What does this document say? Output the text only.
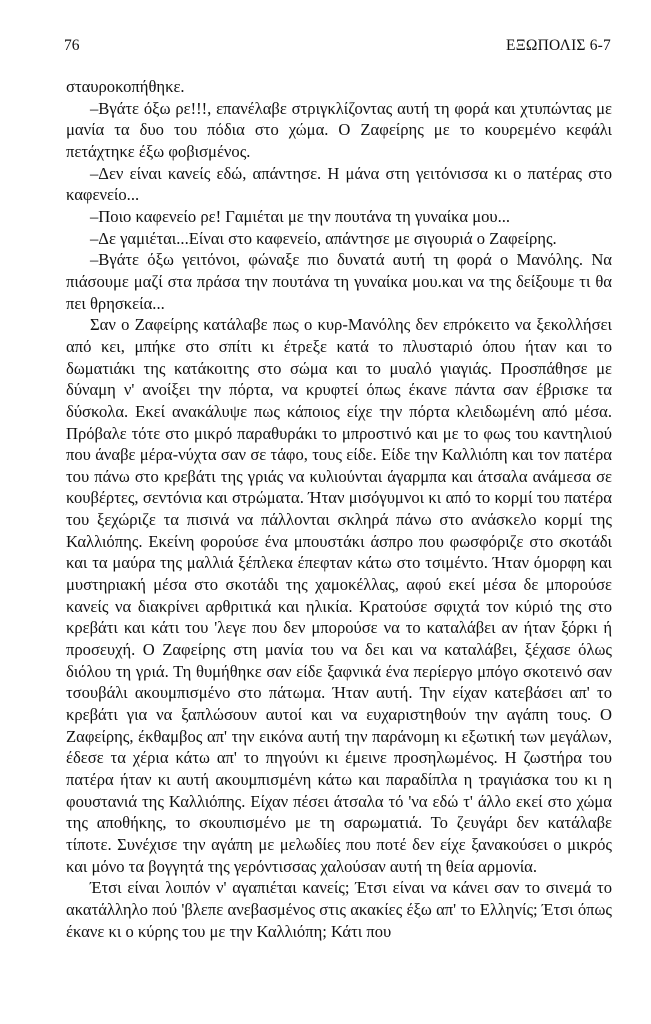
76	ΕΞΩΠΟΛΙΣ 6-7

σταυροκοπήθηκε.

–Βγάτε όξω ρε!!!, επανέλαβε στριγκλίζοντας αυτή τη φορά και χτυπώντας με μανία τα δυο του πόδια στο χώμα. Ο Ζαφείρης με το κουρεμένο κεφάλι πετάχτηκε έξω φοβισμένος.

–Δεν είναι κανείς εδώ, απάντησε. Η μάνα στη γειτόνισσα κι ο πατέρας στο καφενείο...

–Ποιο καφενείο ρε! Γαμιέται με την πουτάνα τη γυναίκα μου...

–Δε γαμιέται...Είναι στο καφενείο, απάντησε με σιγουριά ο Ζαφείρης.

–Βγάτε όξω γειτόνοι, φώναξε πιο δυνατά αυτή τη φορά ο Μανόλης. Να πιάσουμε μαζί στα πράσα την πουτάνα τη γυναίκα μου.και να της δείξουμε τι θα πει θρησκεία...

Σαν ο Ζαφείρης κατάλαβε πως ο κυρ-Μανόλης δεν επρόκειτο να ξεκολλήσει από κει, μπήκε στο σπίτι κι έτρεξε κατά το πλυσταριό όπου ήταν και το δωματιάκι της κατάκοιτης στο σώμα και το μυαλό γιαγιάς. Προσπάθησε με δύναμη ν' ανοίξει την πόρτα, να κρυφτεί όπως έκανε πάντα σαν έβρισκε τα δύσκολα. Εκεί ανακάλυψε πως κάποιος είχε την πόρτα κλειδωμένη από μέσα. Πρόβαλε τότε στο μικρό παραθυράκι το μπροστινό και με το φως του καντηλιού που άναβε μέρα-νύχτα σαν σε τάφο, τους είδε. Είδε την Καλλιόπη και τον πατέρα του πάνω στο κρεβάτι της γριάς να κυλιούνται άγαρμπα και άτσαλα ανάμεσα σε κουβέρτες, σεντόνια και στρώματα. Ήταν μισόγυμνοι κι από το κορμί του πατέρα του ξεχώριζε τα πισινά να πάλλονται σκληρά πάνω στο ανάσκελο κορμί της Καλλιόπης. Εκείνη φορούσε ένα μπουστάκι άσπρο που φωσφόριζε στο σκοτάδι και τα μαύρα της μαλλιά ξέπλεκα έπεφταν κάτω στο τσιμέντο. Ήταν όμορφη και μυστηριακή μέσα στο σκοτάδι της χαμοκέλλας, αφού εκεί μέσα δε μπορούσε κανείς να διακρίνει αρθριτικά και ηλικία. Κρατούσε σφιχτά τον κύριό της στο κρεβάτι και κάτι του 'λεγε που δεν μπορούσε να το καταλάβει αν ήταν ξόρκι ή προσευχή. Ο Ζαφείρης στη μανία του να δει και να καταλάβει, ξέχασε όλως διόλου τη γριά. Τη θυμήθηκε σαν είδε ξαφνικά ένα περίεργο μπόγο σκοτεινό σαν τσουβάλι ακουμπισμένο στο πάτωμα. Ήταν αυτή. Την είχαν κατεβάσει απ' το κρεβάτι για να ξαπλώσουν αυτοί και να ευχαριστηθούν την αγάπη τους. Ο Ζαφείρης, έκθαμβος απ' την εικόνα αυτή την παράνομη κι εξωτική των μεγάλων, έδεσε τα χέρια κάτω απ' το πηγούνι κι έμεινε προσηλωμένος. Η ζωστήρα του πατέρα ήταν κι αυτή ακουμπισμένη κάτω και παραδίπλα η τραγιάσκα του κι η φουστανιά της Καλλιόπης. Είχαν πέσει άτσαλα τό 'να εδώ τ' άλλο εκεί στο χώμα της αποθήκης, το σκουπισμένο με τη σαρωματιά. Το ζευγάρι δεν κατάλαβε τίποτε. Συνέχισε την αγάπη με μελωδίες που ποτέ δεν είχε ξανακούσει ο μικρός και μόνο τα βογγητά της γερόντισσας χαλούσαν αυτή τη θεία αρμονία.

Έτσι είναι λοιπόν ν' αγαπιέται κανείς; Έτσι είναι να κάνει σαν το σινεμά το ακατάλληλο πού 'βλεπε ανεβασμένος στις ακακίες έξω απ' το Ελληνίς; Έτσι όπως έκανε κι ο κύρης του με την Καλλιόπη; Κάτι που
